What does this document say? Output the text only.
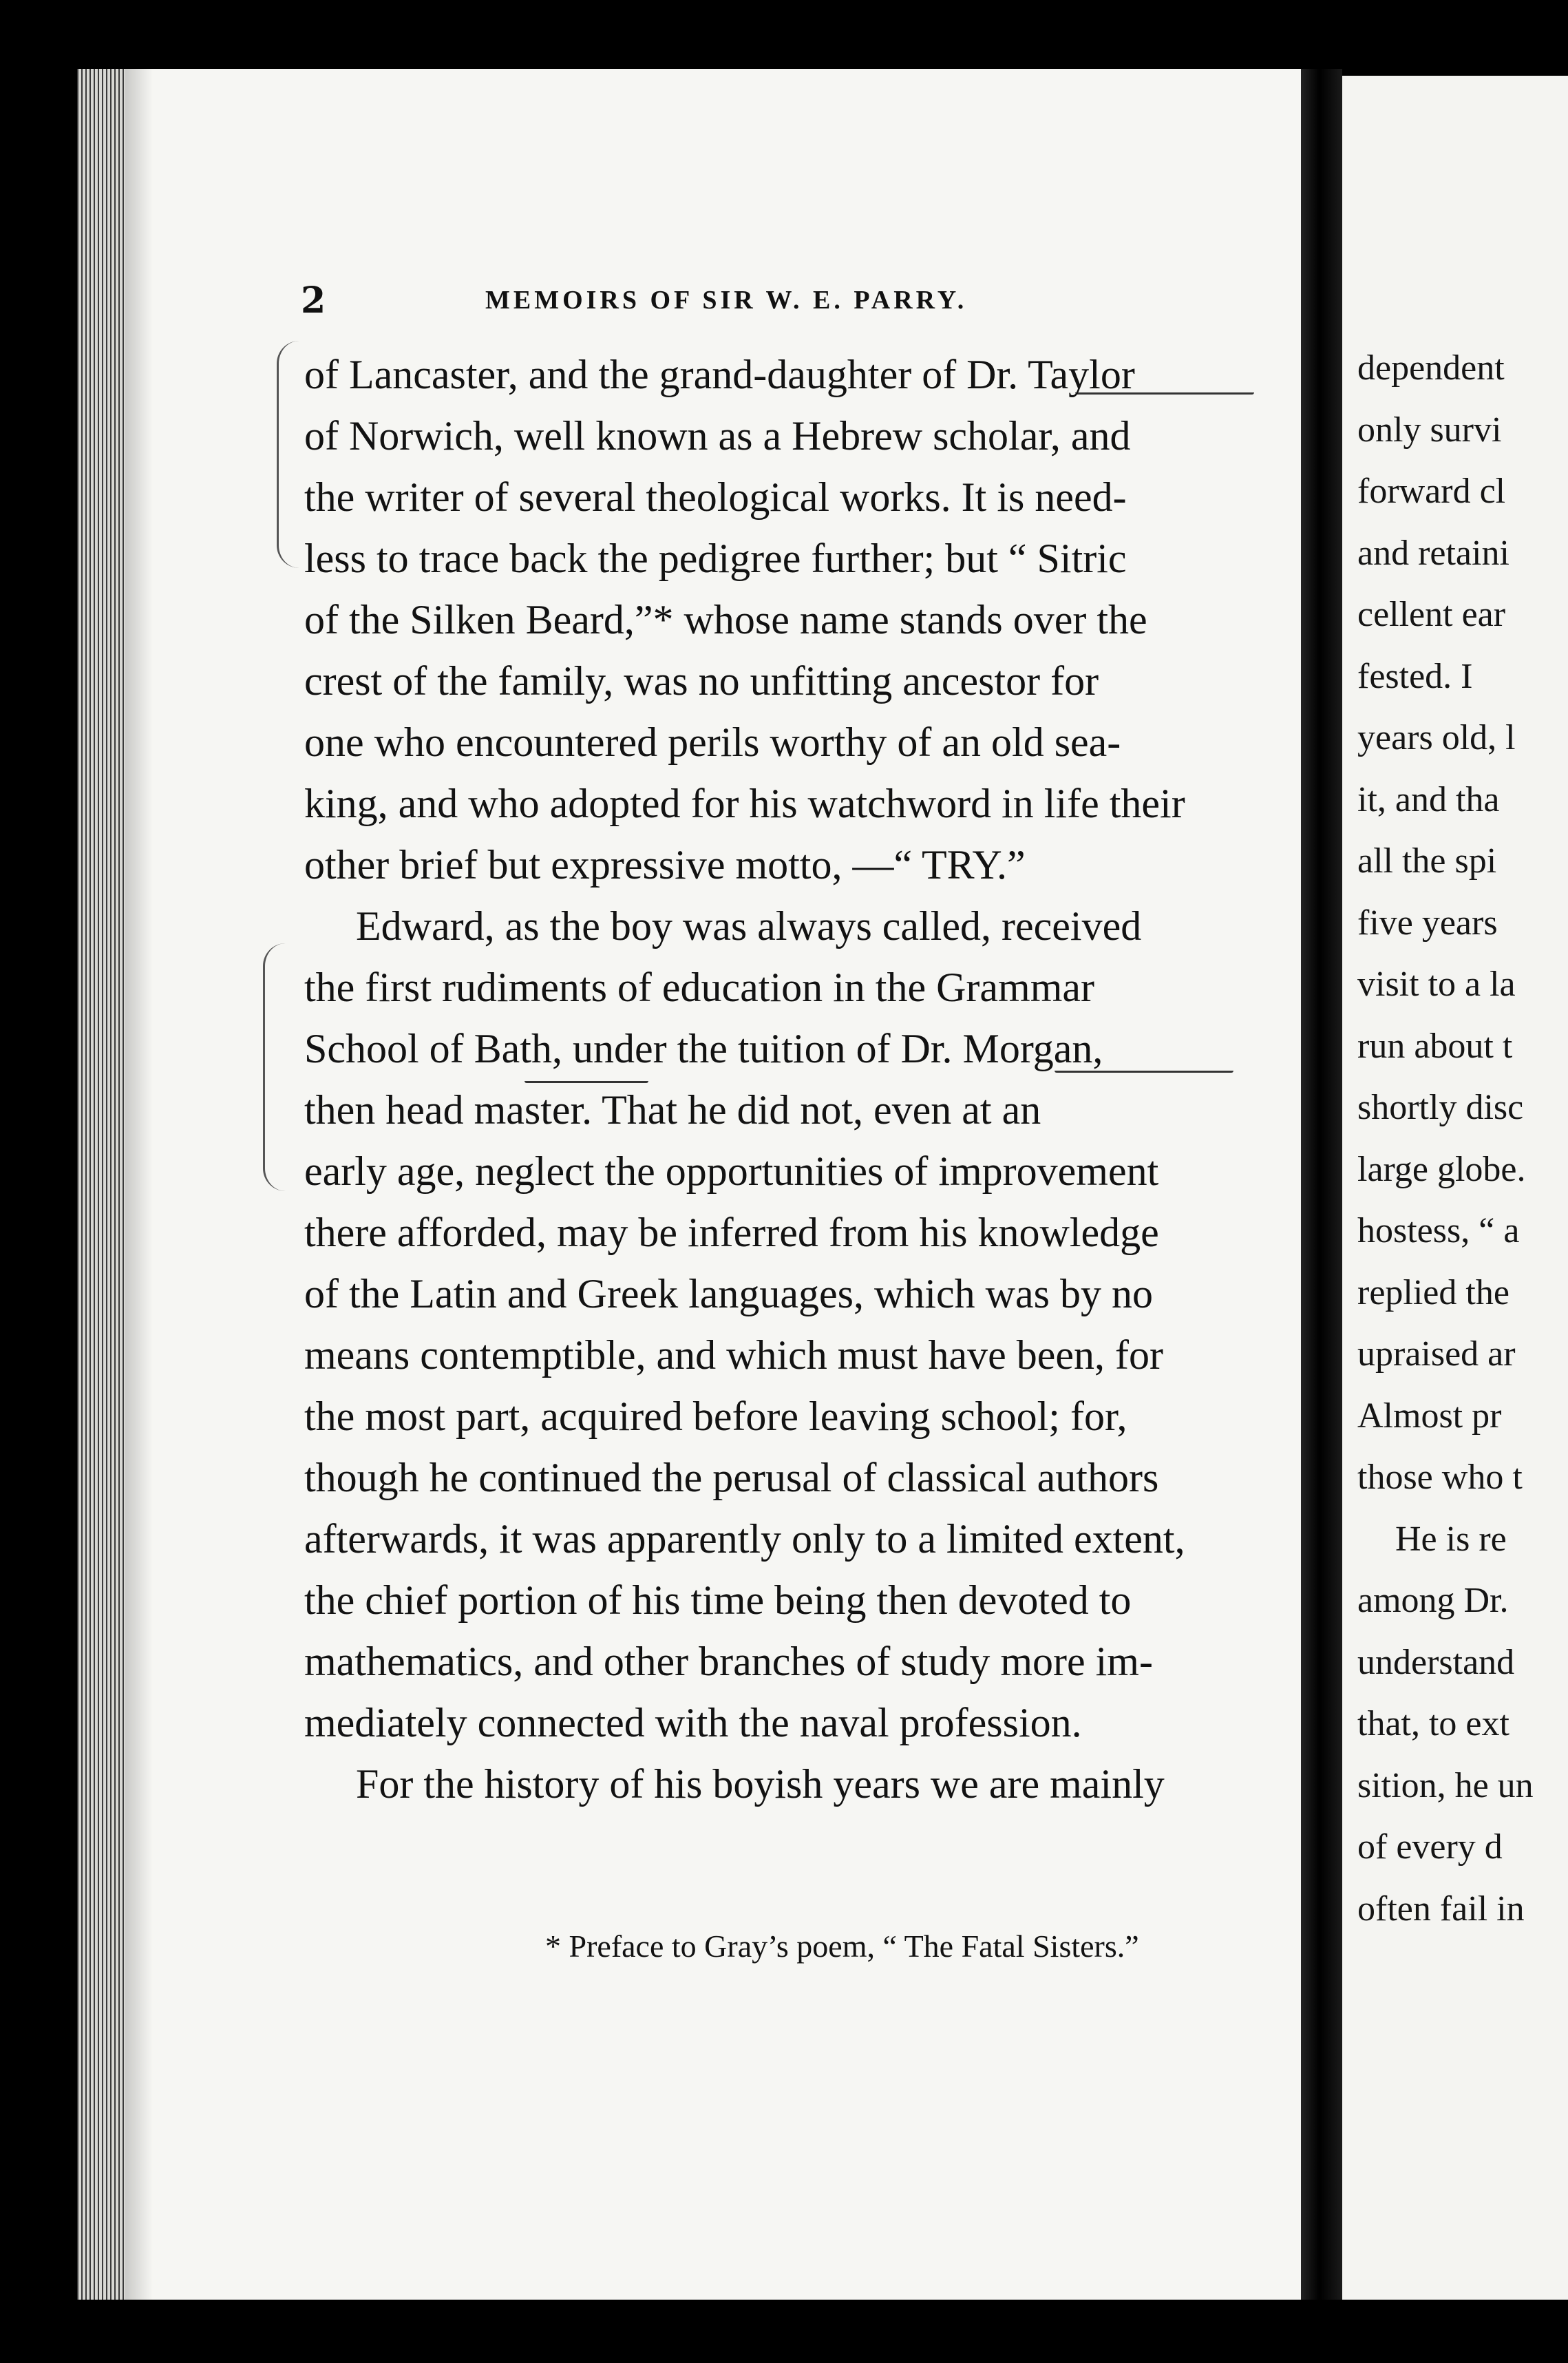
2	MEMOIRS OF SIR W. E. PARRY.
of Lancaster, and the grand-daughter of Dr. Taylor
of Norwich, well known as a Hebrew scholar, and
the writer of several theological works. It is need-
less to trace back the pedigree further; but “ Sitric
of the Silken Beard,”* whose name stands over the
crest of the family, was no unfitting ancestor for
one who encountered perils worthy of an old sea-
king, and who adopted for his watchword in life their
other brief but expressive motto, —“ TRY.”
Edward, as the boy was always called, received
the first rudiments of education in the Grammar
School of Bath, under the tuition of Dr. Morgan,
then head master. That he did not, even at an
early age, neglect the opportunities of improvement
there afforded, may be inferred from his knowledge
of the Latin and Greek languages, which was by no
means contemptible, and which must have been, for
the most part, acquired before leaving school; for,
though he continued the perusal of classical authors
afterwards, it was apparently only to a limited extent,
the chief portion of his time being then devoted to
mathematics, and other branches of study more im-
mediately connected with the naval profession.
For the history of his boyish years we are mainly
* Preface to Gray’s poem, “ The Fatal Sisters.”
dependent
only survi
forward cl
and retaini
cellent ear
fested. I
years old, l
it, and tha
all the spi
five years
visit to a la
run about t
shortly disc
large globe.
hostess, “ a
replied the
upraised ar
Almost pr
those who t
He is re
among Dr.
understand
that, to ext
sition, he un
of every d
often fail in
